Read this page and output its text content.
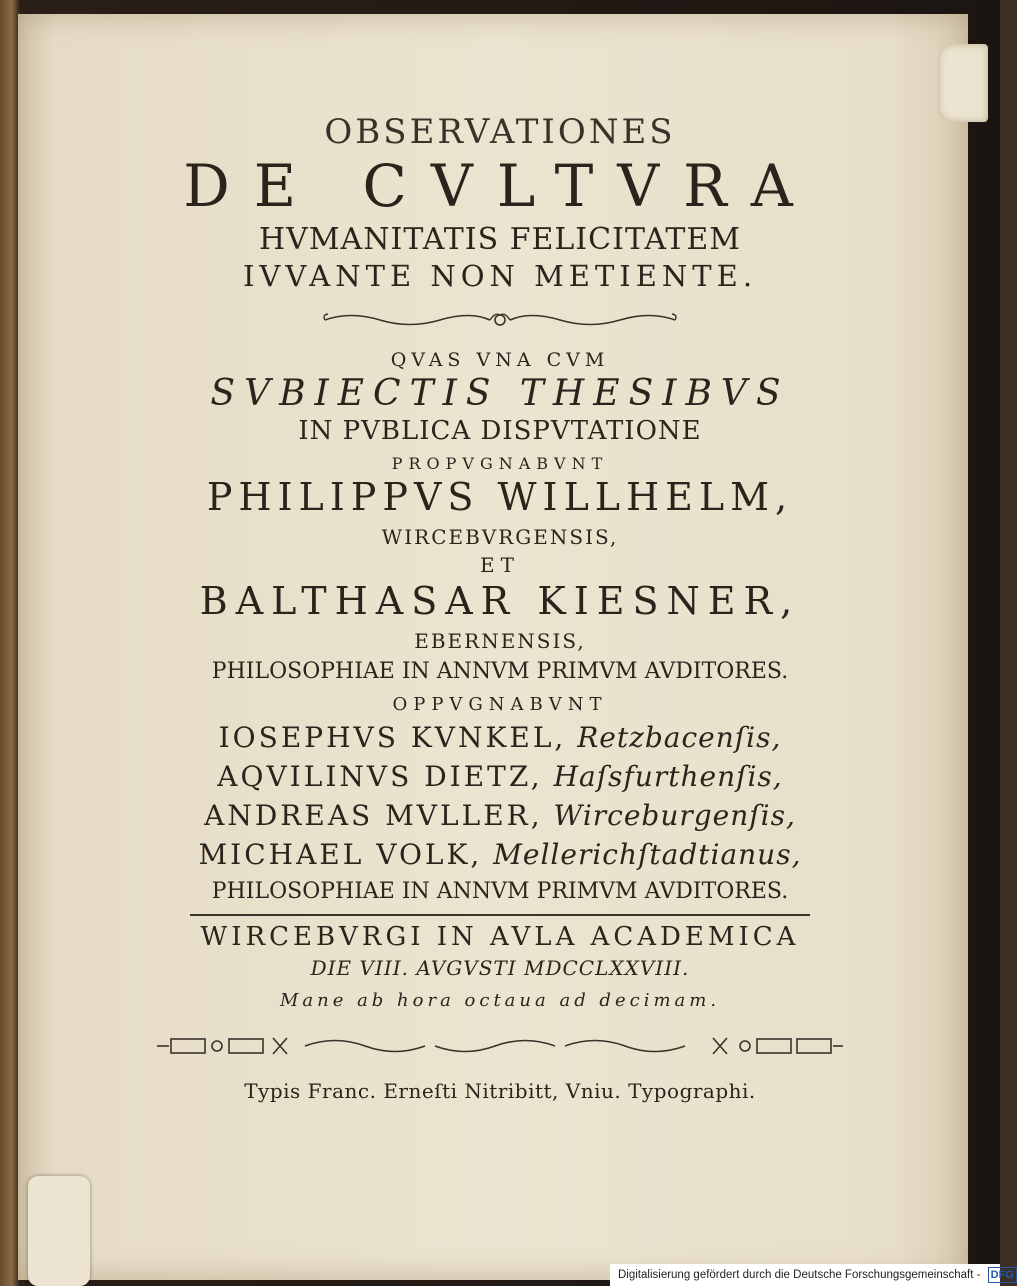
OBSERVATIONES
DE CVLTVRA
HVMANITATIS FELICITATEM
IVVANTE NON METIENTE.
QVAS VNA CVM
SVBIECTIS THESIBVS
IN PVBLICA DISPVTATIONE
PROPVGNABVNT
PHILIPPVS WILLHELM,
WIRCEBVRGENSIS,
ET
BALTHASAR KIESNER,
EBERNENSIS,
PHILOSOPHIAE IN ANNVM PRIMVM AVDITORES.
OPPVGNABVNT
IOSEPHVS KVNKEL, Retzbacenſis,
AQVILINVS DIETZ, Haſsfurthenſis,
ANDREAS MVLLER, Wirceburgenſis,
MICHAEL VOLK, Mellerichſtadtianus,
PHILOSOPHIAE IN ANNVM PRIMVM AVDITORES.
WIRCEBVRGI IN AVLA ACADEMICA
DIE VIII. AVGVSTI MDCCLXXVIII.
Mane ab hora octaua ad decimam.
Typis Franc. Erneſti Nitribitt, Vniu. Typographi.
Digitalisierung gefördert durch die Deutsche Forschungsgemeinschaft - DFG
